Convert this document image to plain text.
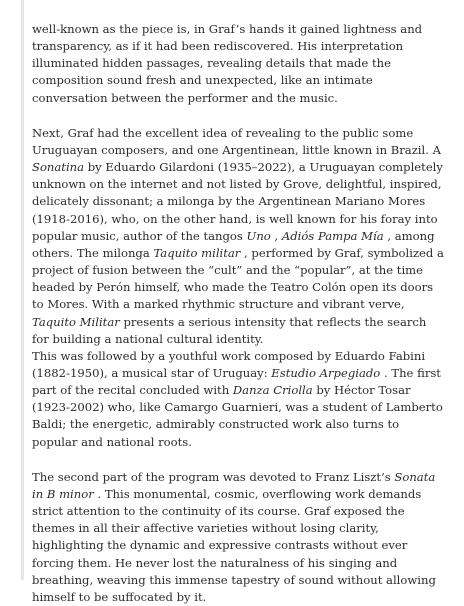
well-known as the piece is, in Graf’s hands it gained lightness and transparency, as if it had been rediscovered. His interpretation illuminated hidden passages, revealing details that made the composition sound fresh and unexpected, like an intimate conversation between the performer and the music.

Next, Graf had the excellent idea of revealing to the public some Uruguayan composers, and one Argentinean, little known in Brazil. A Sonatina by Eduardo Gilardoni (1935–2022), a Uruguayan completely unknown on the internet and not listed by Grove, delightful, inspired, delicately dissonant; a milonga by the Argentinean Mariano Mores (1918-2016), who, on the other hand, is well known for his foray into popular music, author of the tangos Uno , Adiós Pampa Mía , among others. The milonga Taquito militar , performed by Graf, symbolized a project of fusion between the “cult” and the “popular”, at the time headed by Perón himself, who made the Teatro Colón open its doors to Mores. With a marked rhythmic structure and vibrant verve, Taquito Militar presents a serious intensity that reflects the search for building a national cultural identity.

This was followed by a youthful work composed by Eduardo Fabini (1882-1950), a musical star of Uruguay: Estudio Arpegiado . The first part of the recital concluded with Danza Criolla by Héctor Tosar (1923-2002) who, like Camargo Guarnieri, was a student of Lamberto Baldi; the energetic, admirably constructed work also turns to popular and national roots.

The second part of the program was devoted to Franz Liszt’s Sonata in B minor . This monumental, cosmic, overflowing work demands strict attention to the continuity of its course. Graf exposed the themes in all their affective varieties without losing clarity, highlighting the dynamic and expressive contrasts without ever forcing them. He never lost the naturalness of his singing and breathing, weaving this immense tapestry of sound without allowing himself to be suffocated by it.
